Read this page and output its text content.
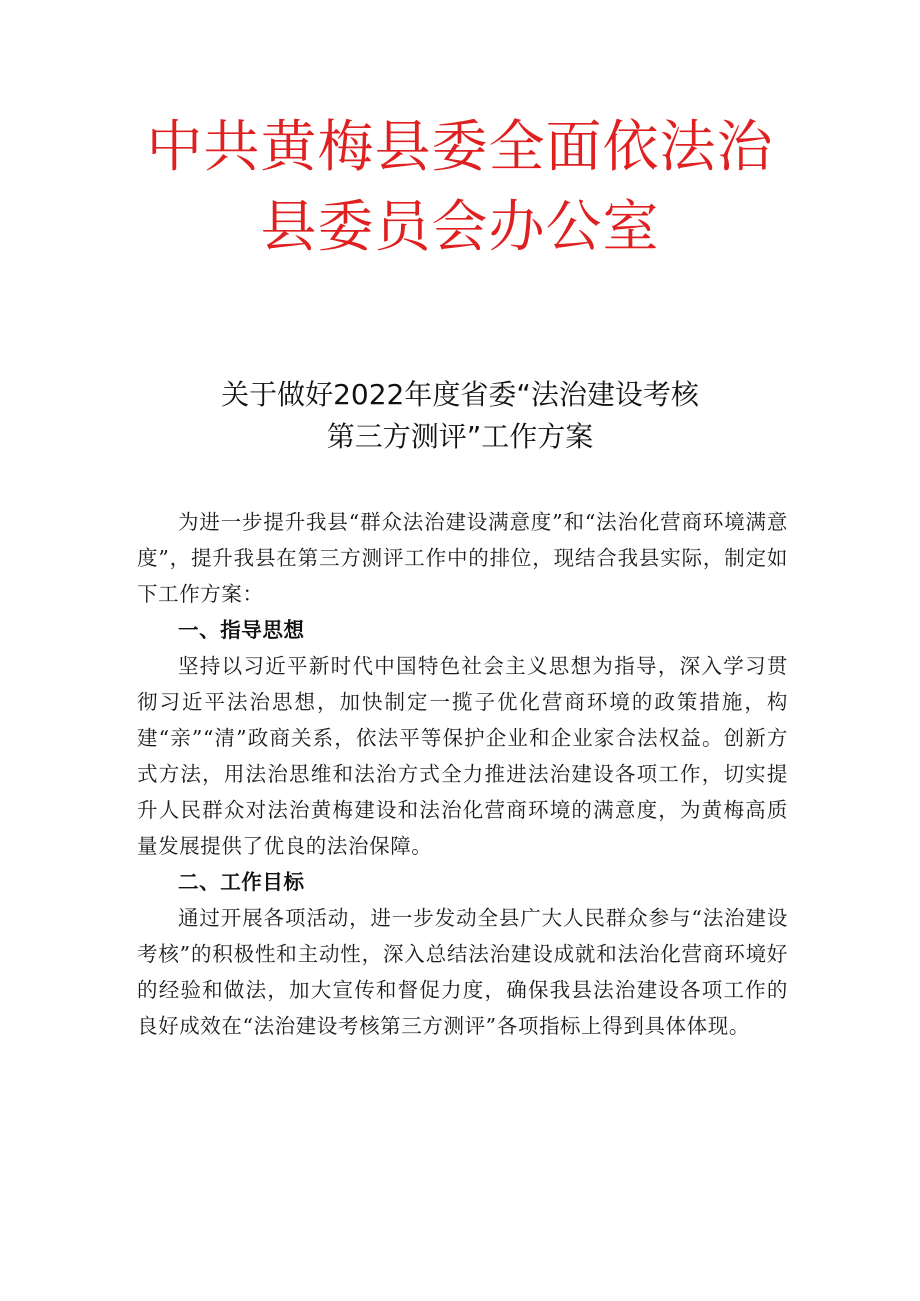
中共黄梅县委全面依法治
县委员会办公室
关于做好2022年度省委“法治建设考核
第三方测评”工作方案

为进一步提升我县“群众法治建设满意度”和“法治化营商环境满意度”，提升我县在第三方测评工作中的排位，现结合我县实际，制定如下工作方案：

一、指导思想

坚持以习近平新时代中国特色社会主义思想为指导，深入学习贯彻习近平法治思想，加快制定一揽子优化营商环境的政策措施，构建“亲”“清”政商关系，依法平等保护企业和企业家合法权益。创新方式方法，用法治思维和法治方式全力推进法治建设各项工作，切实提升人民群众对法治黄梅建设和法治化营商环境的满意度，为黄梅高质量发展提供了优良的法治保障。

二、工作目标

通过开展各项活动，进一步发动全县广大人民群众参与“法治建设考核”的积极性和主动性，深入总结法治建设成就和法治化营商环境好的经验和做法，加大宣传和督促力度，确保我县法治建设各项工作的良好成效在“法治建设考核第三方测评”各项指标上得到具体体现。
